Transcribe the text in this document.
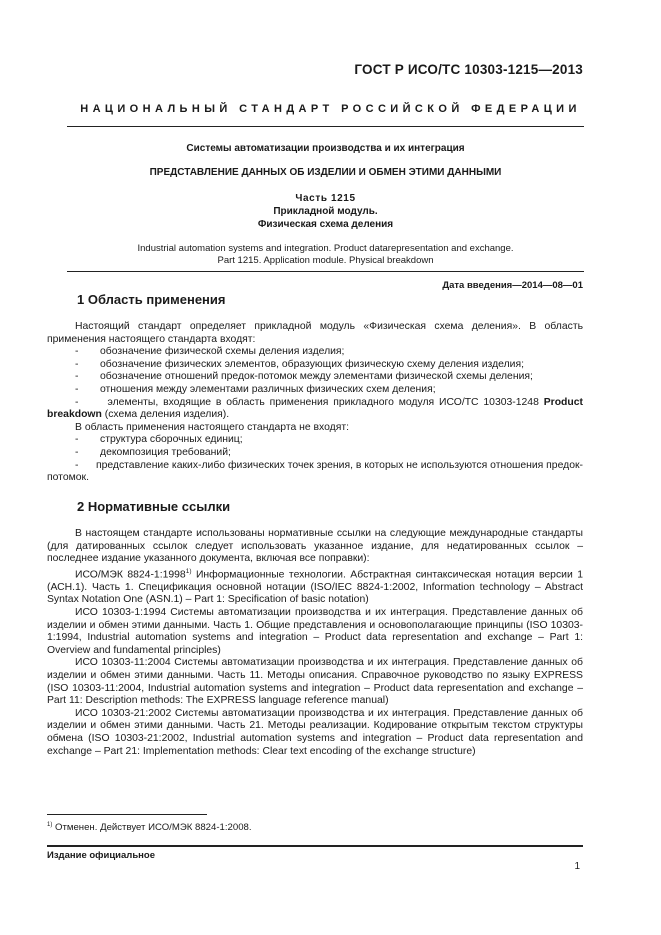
ГОСТ Р ИСО/ТС 10303-1215—2013
НАЦИОНАЛЬНЫЙ СТАНДАРТ РОССИЙСКОЙ ФЕДЕРАЦИИ
Системы автоматизации производства и их интеграция
ПРЕДСТАВЛЕНИЕ ДАННЫХ ОБ ИЗДЕЛИИ И ОБМЕН ЭТИМИ ДАННЫМИ
Часть 1215
Прикладной модуль.
Физическая схема деления
Industrial automation systems and integration. Product datarepresentation and exchange.
Part 1215. Application module. Physical breakdown
Дата введения—2014—08—01
1 Область применения

Настоящий стандарт определяет прикладной модуль «Физическая схема деления». В область применения настоящего стандарта входят:

-	обозначение физической схемы деления изделия;

-	обозначение физических элементов, образующих физическую схему деления изделия;

-	обозначение отношений предок-потомок между элементами физической схемы деления;

-	отношения между элементами различных физических схем деления;

-      элементы, входящие в область применения прикладного модуля ИСО/ТС 10303-1248 Product breakdown (схема деления изделия).

В область применения настоящего стандарта не входят:

-	структура сборочных единиц;

-	декомпозиция требований;

-      представление каких-либо физических точек зрения, в которых не используются отношения предок-потомок.

2 Нормативные ссылки

В настоящем стандарте использованы нормативные ссылки на следующие международные стандарты (для датированных ссылок следует использовать указанное издание, для недатированных ссылок – последнее издание указанного документа, включая все поправки):

ИСО/МЭК 8824-1:1998$^{1)}$ Информационные технологии. Абстрактная синтаксическая нотация версии 1 (АСН.1). Часть 1. Спецификация основной нотации (ISO/IEC 8824-1:2002, Information technology – Abstract Syntax Notation One (ASN.1) – Part 1: Specification of basic notation)

ИСО 10303-1:1994 Системы автоматизации производства и их интеграция. Представление данных об изделии и обмен этими данными. Часть 1. Общие представления и основополагающие принципы (ISO 10303-1:1994, Industrial automation systems and integration – Product data representation and exchange – Part 1: Overview and fundamental principles)

ИСО 10303-11:2004 Системы автоматизации производства и их интеграция. Представление данных об изделии и обмен этими данными. Часть 11. Методы описания. Справочное руководство по языку EXPRESS (ISO 10303-11:2004, Industrial automation systems and integration – Product data representation and exchange – Part 11: Description methods: The EXPRESS language reference manual)

ИСО 10303-21:2002 Системы автоматизации производства и их интеграция. Представление данных об изделии и обмен этими данными. Часть 21. Методы реализации. Кодирование открытым текстом структуры обмена (ISO 10303-21:2002, Industrial automation systems and integration – Product data representation and exchange – Part 21: Implementation methods: Clear text encoding of the exchange structure)

$^{1)}$ Отменен. Действует ИСО/МЭК 8824-1:2008.
Издание официальное
1
